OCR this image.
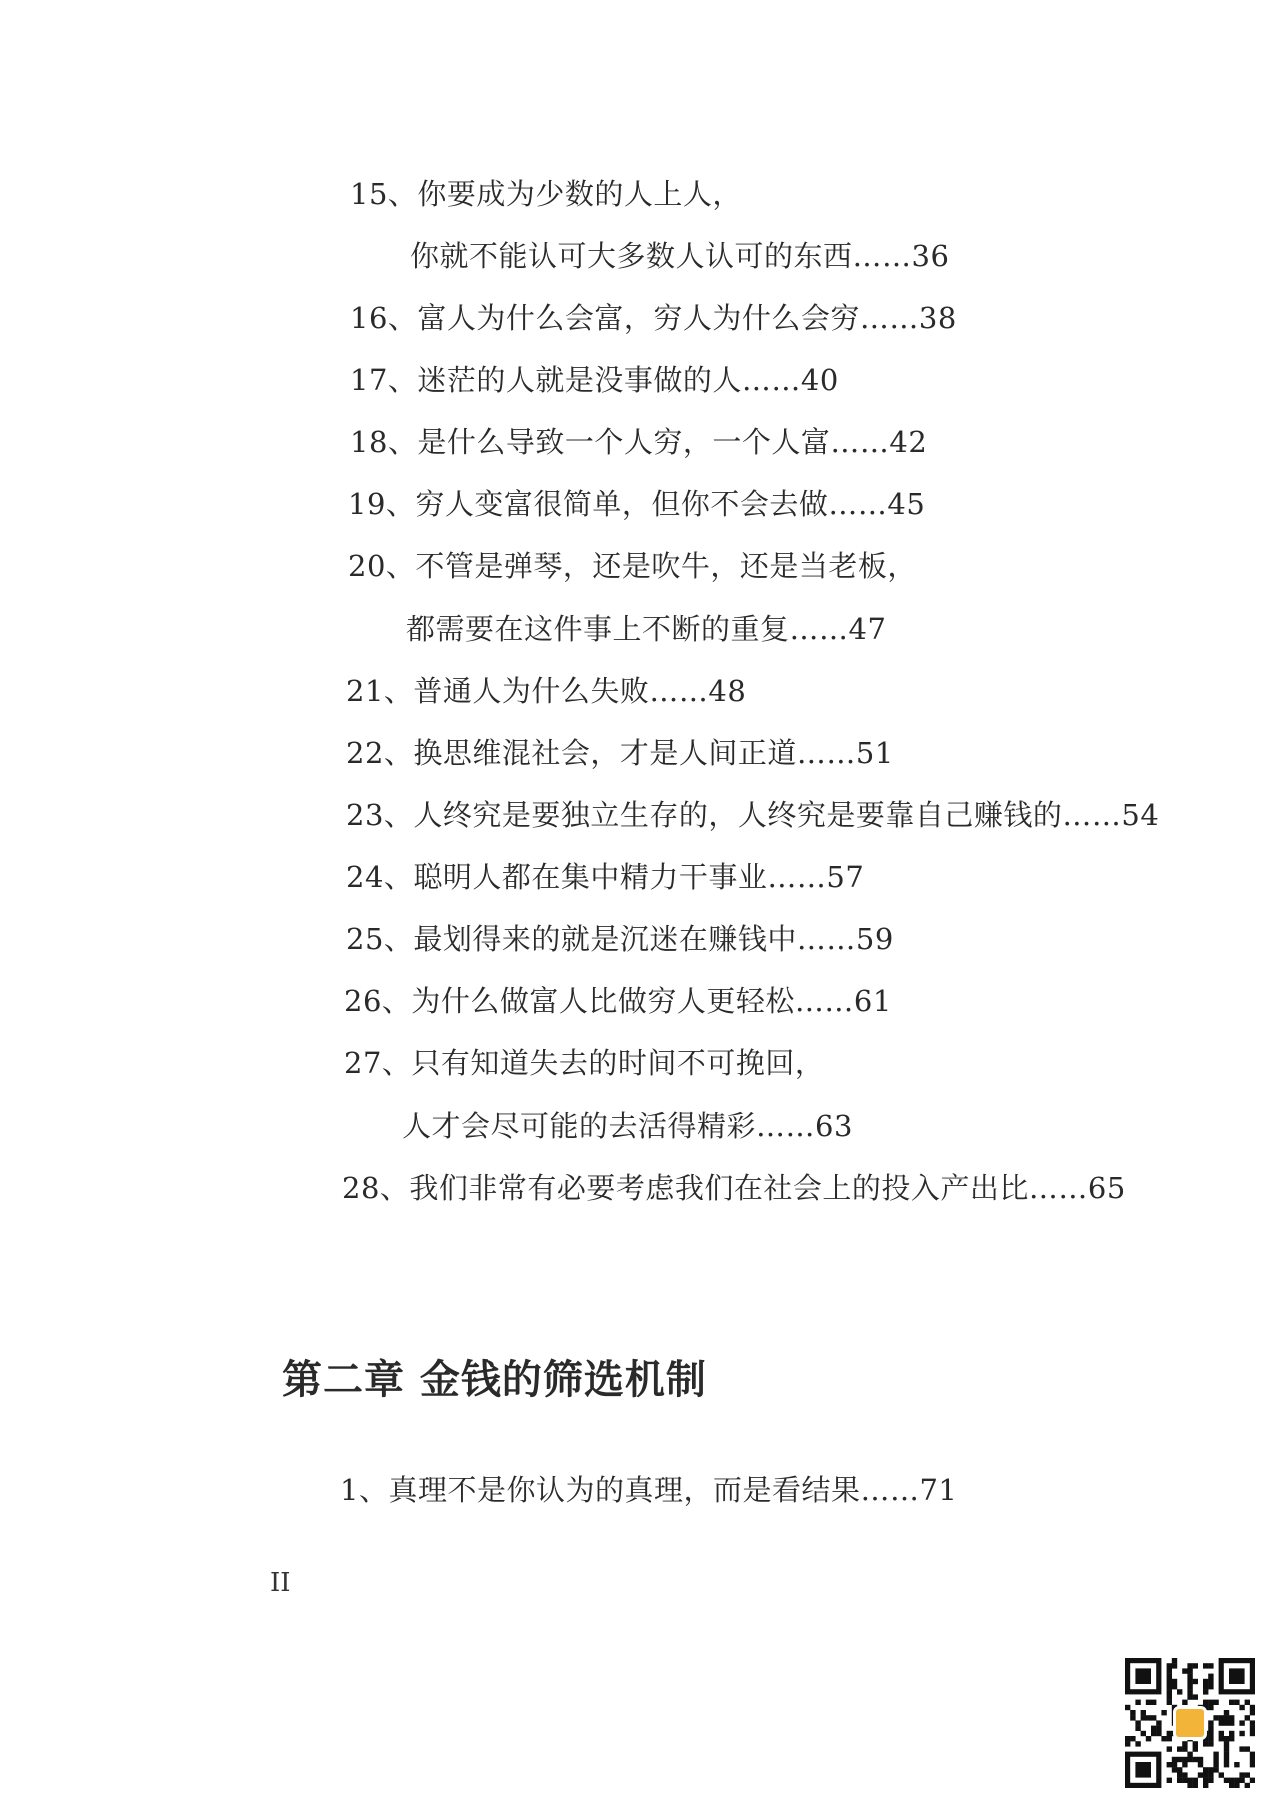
15、你要成为少数的人上人，
你就不能认可大多数人认可的东西……36
16、富人为什么会富，穷人为什么会穷……38
17、迷茫的人就是没事做的人……40
18、是什么导致一个人穷，一个人富……42
19、穷人变富很简单，但你不会去做……45
20、不管是弹琴，还是吹牛，还是当老板，
都需要在这件事上不断的重复……47
21、普通人为什么失败……48
22、换思维混社会，才是人间正道……51
23、人终究是要独立生存的，人终究是要靠自己赚钱的……54
24、聪明人都在集中精力干事业……57
25、最划得来的就是沉迷在赚钱中……59
26、为什么做富人比做穷人更轻松……61
27、只有知道失去的时间不可挽回，
人才会尽可能的去活得精彩……63
28、我们非常有必要考虑我们在社会上的投入产出比……65
第二章 金钱的筛选机制
1、真理不是你认为的真理，而是看结果……71
II
